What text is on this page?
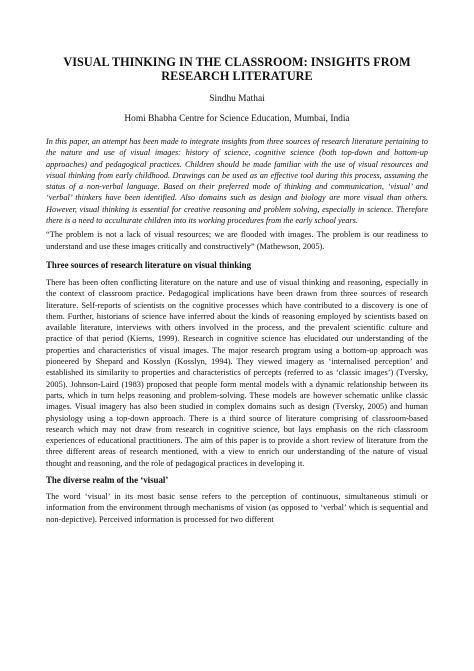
VISUAL THINKING IN THE CLASSROOM: INSIGHTS FROM
RESEARCH LITERATURE
Sindhu Mathai
Homi Bhabha Centre for Science Education, Mumbai, India
In this paper, an attempt has been made to integrate insights from three sources of research literature pertaining to the nature and use of visual images: history of science, cognitive science (both top-down and bottom-up approaches) and pedagogical practices. Children should be made familiar with the use of visual resources and visual thinking from early childhood. Drawings can be used as an effective tool during this process, assuming the status of a non-verbal language. Based on their preferred mode of thinking and communication, ‘visual’ and ‘verbal’ thinkers have been identified. Also domains such as design and biology are more visual than others. However, visual thinking is essential for creative reasoning and problem solving, especially in science. Therefore there is a need to acculturate children into its working procedures from the early school years.
“The problem is not a lack of visual resources; we are flooded with images. The problem is our readiness to understand and use these images critically and constructively” (Mathewson, 2005).
Three sources of research literature on visual thinking
There has been often conflicting literature on the nature and use of visual thinking and reasoning, especially in the context of classroom practice. Pedagogical implications have been drawn from three sources of research literature. Self-reports of scientists on the cognitive processes which have contributed to a discovery is one of them. Further, historians of science have inferred about the kinds of reasoning employed by scientists based on available literature, interviews with others involved in the process, and the prevalent scientific culture and practice of that period (Kierns, 1999). Research in cognitive science has elucidated our understanding of the properties and characteristics of visual images. The major research program using a bottom-up approach was pioneered by Shepard and Kosslyn (Kosslyn, 1994). They viewed imagery as ‘internalised perception’ and established its similarity to properties and characteristics of percepts (referred to as ‘classic images’) (Tversky, 2005). Johnson-Laird (1983) proposed that people form mental models with a dynamic relationship between its parts, which in turn helps reasoning and problem-solving. These models are however schematic unlike classic images. Visual imagery has also been studied in complex domains such as design (Tversky, 2005) and human physiology using a top-down approach. There is a third source of literature comprising of classroom-based research which may not draw from research in cognitive science, but lays emphasis on the rich classroom experiences of educational practitioners. The aim of this paper is to provide a short review of literature from the three different areas of research mentioned, with a view to enrich our understanding of the nature of visual thought and reasoning, and the role of pedagogical practices in developing it.
The diverse realm of the ‘visual’
The word ‘visual’ in its most basic sense refers to the perception of continuous, simultaneous stimuli or information from the environment through mechanisms of vision (as opposed to ‘verbal’ which is sequential and non-depictive). Perceived information is processed for two different
